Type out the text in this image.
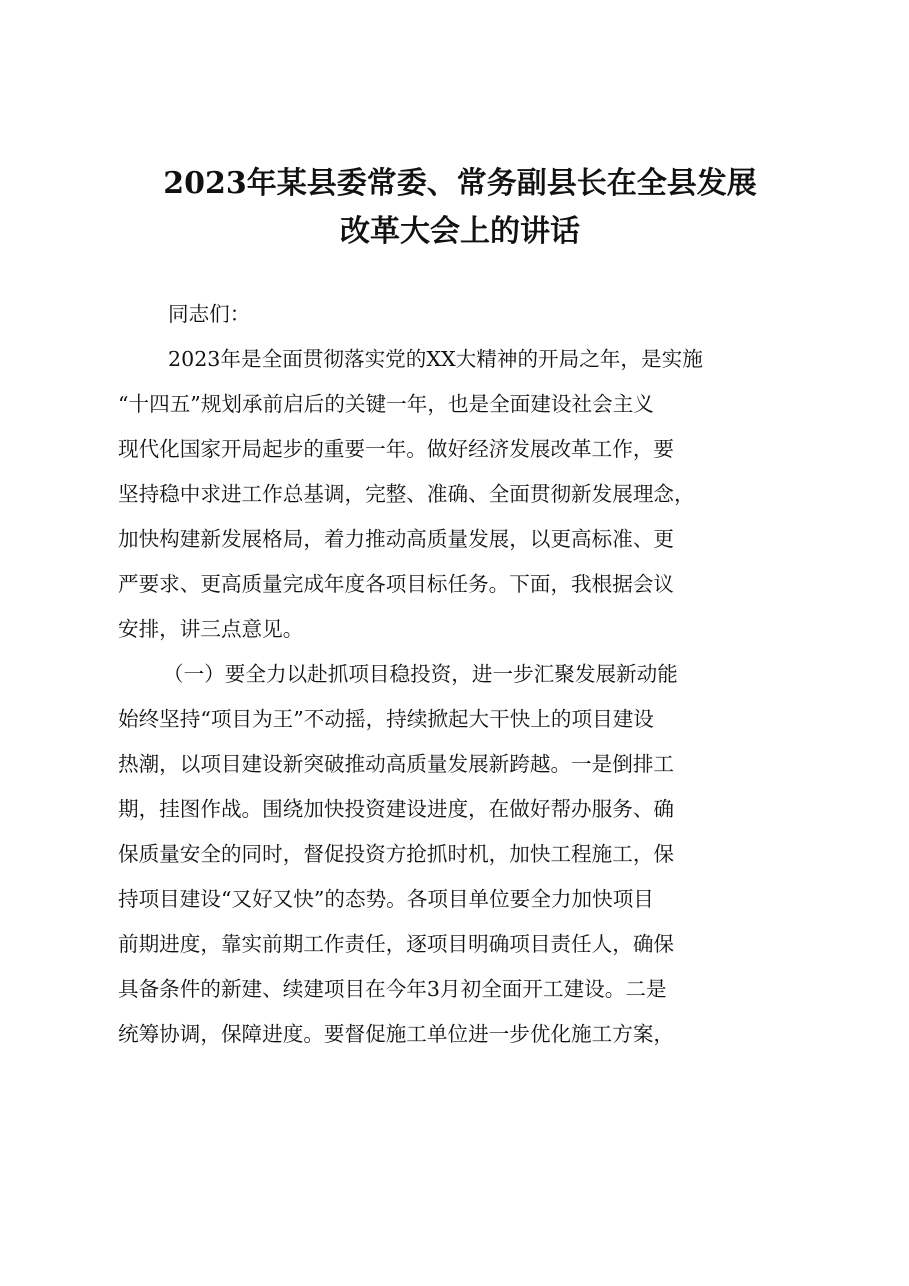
2023年某县委常委、常务副县长在全县发展
改革大会上的讲话

同志们：

2023年是全面贯彻落实党的XX大精神的开局之年，是实施
“十四五”规划承前启后的关键一年，也是全面建设社会主义
现代化国家开局起步的重要一年。做好经济发展改革工作，要
坚持稳中求进工作总基调，完整、准确、全面贯彻新发展理念，
加快构建新发展格局，着力推动高质量发展，以更高标准、更
严要求、更高质量完成年度各项目标任务。下面，我根据会议
安排，讲三点意见。

（一）要全力以赴抓项目稳投资，进一步汇聚发展新动能
始终坚持“项目为王”不动摇，持续掀起大干快上的项目建设
热潮，以项目建设新突破推动高质量发展新跨越。一是倒排工
期，挂图作战。围绕加快投资建设进度，在做好帮办服务、确
保质量安全的同时，督促投资方抢抓时机，加快工程施工，保
持项目建设“又好又快”的态势。各项目单位要全力加快项目
前期进度，靠实前期工作责任，逐项目明确项目责任人，确保
具备条件的新建、续建项目在今年3月初全面开工建设。二是
统筹协调，保障进度。要督促施工单位进一步优化施工方案，
